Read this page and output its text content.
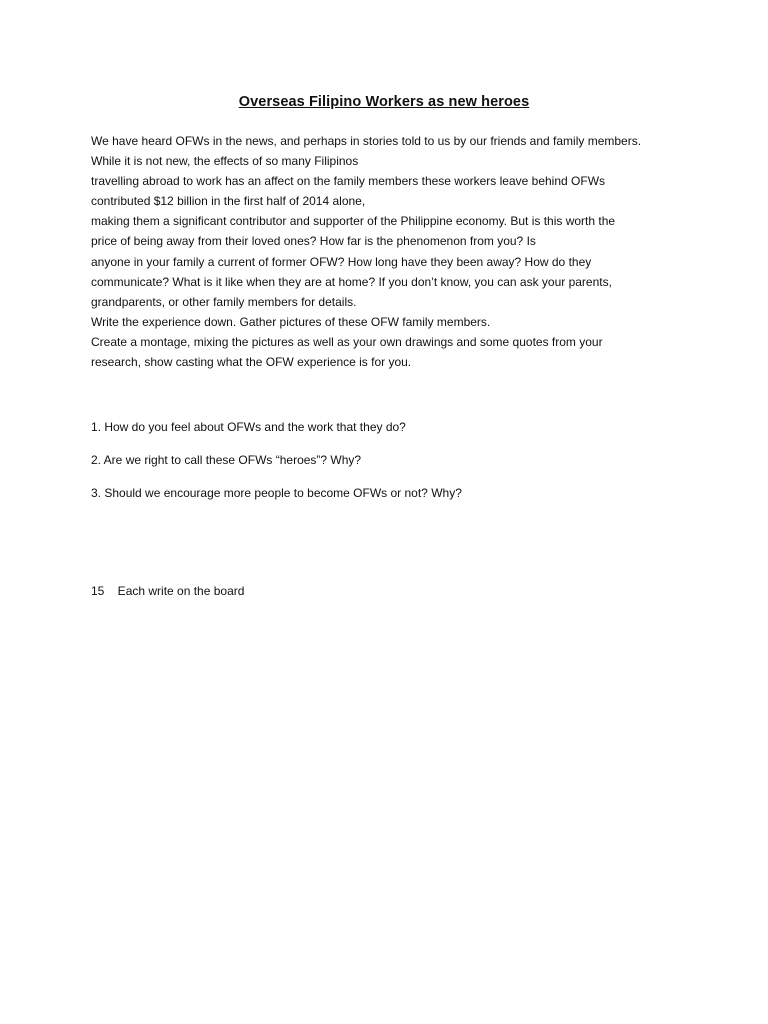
Overseas Filipino Workers as new heroes
We have heard OFWs in the news, and perhaps in stories told to us by our friends and family members.
While it is not new, the effects of so many Filipinos
travelling abroad to work has an affect on the family members these workers leave behind OFWs
contributed $12 billion in the first half of 2014 alone,
making them a significant contributor and supporter of the Philippine economy. But is this worth the
price of being away from their loved ones? How far is the phenomenon from you? Is
anyone in your family a current of former OFW? How long have they been away? How do they
communicate? What is it like when they are at home? If you don’t know, you can ask your parents,
grandparents, or other family members for details.
Write the experience down. Gather pictures of these OFW family members.
Create a montage, mixing the pictures as well as your own drawings and some quotes from your
research, show casting what the OFW experience is for you.
1. How do you feel about OFWs and the work that they do?
2. Are we right to call these OFWs “heroes”? Why?
3. Should we encourage more people to become OFWs or not? Why?
15    Each write on the board
